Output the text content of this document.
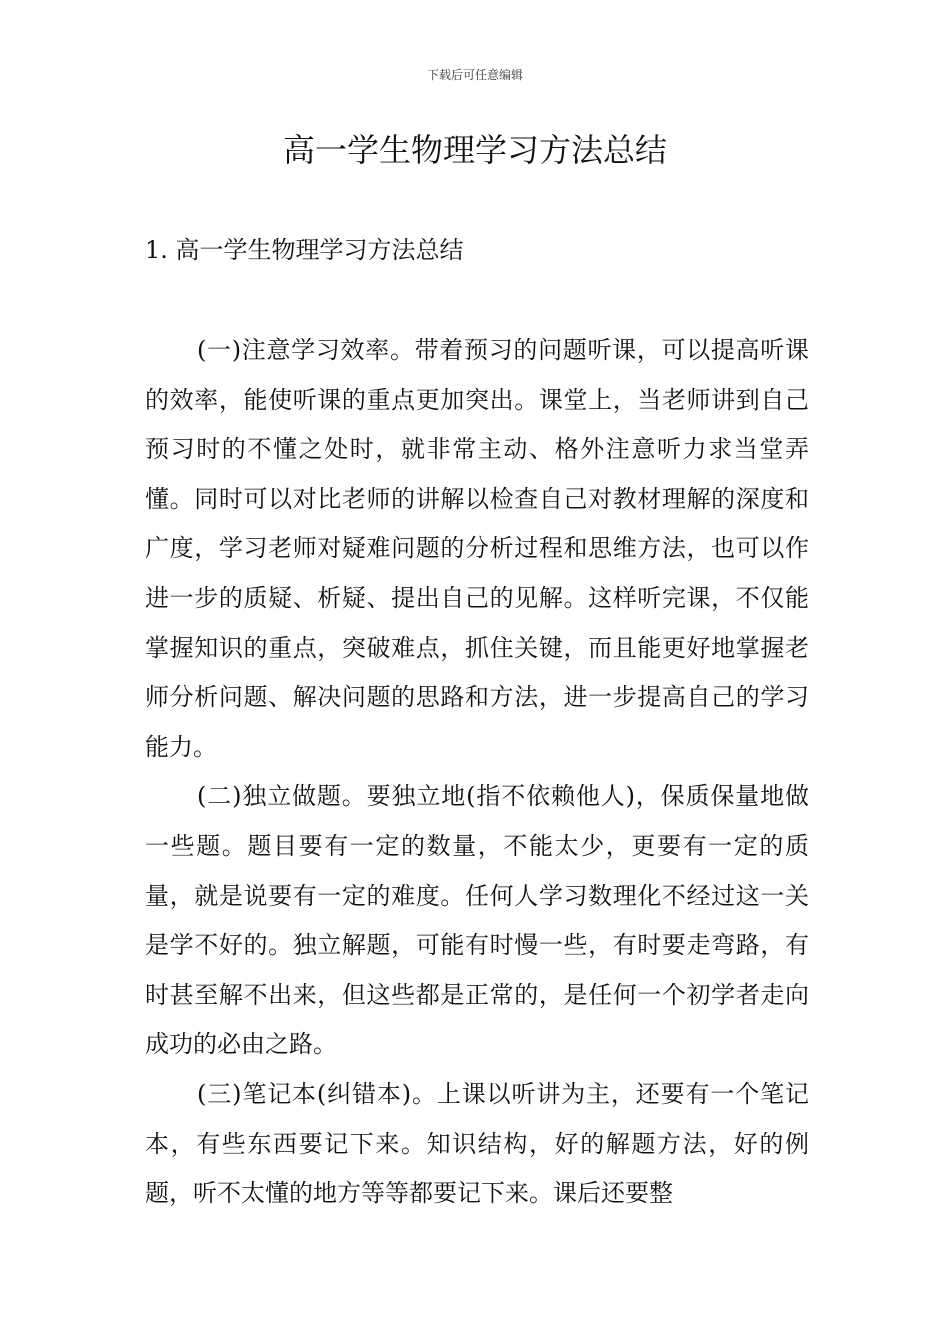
下载后可任意编辑
高一学生物理学习方法总结
1. 高一学生物理学习方法总结

(一)注意学习效率。带着预习的问题听课，可以提高听课的效率，能使听课的重点更加突出。课堂上，当老师讲到自己预习时的不懂之处时，就非常主动、格外注意听力求当堂弄懂。同时可以对比老师的讲解以检查自己对教材理解的深度和广度，学习老师对疑难问题的分析过程和思维方法，也可以作进一步的质疑、析疑、提出自己的见解。这样听完课，不仅能掌握知识的重点，突破难点，抓住关键，而且能更好地掌握老师分析问题、解决问题的思路和方法，进一步提高自己的学习能力。

(二)独立做题。要独立地(指不依赖他人)，保质保量地做一些题。题目要有一定的数量，不能太少，更要有一定的质量，就是说要有一定的难度。任何人学习数理化不经过这一关是学不好的。独立解题，可能有时慢一些，有时要走弯路，有时甚至解不出来，但这些都是正常的，是任何一个初学者走向成功的必由之路。

(三)笔记本(纠错本)。上课以听讲为主，还要有一个笔记本，有些东西要记下来。知识结构，好的解题方法，好的例题，听不太懂的地方等等都要记下来。课后还要整
